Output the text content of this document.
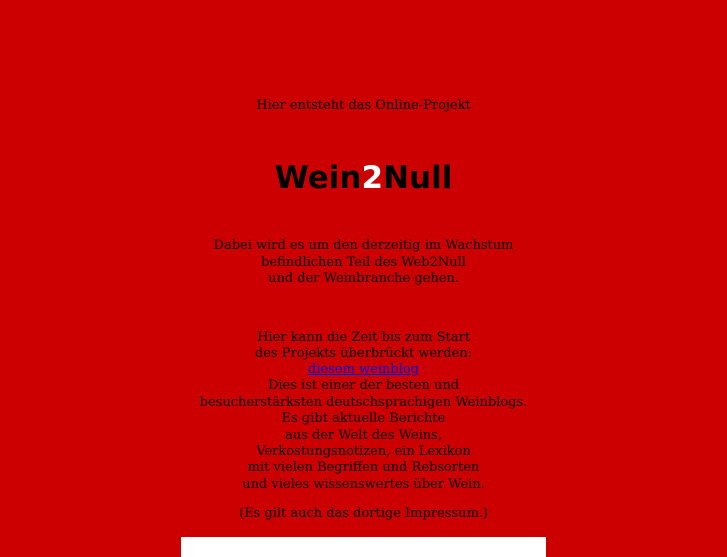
Hier entsteht das Online-Projekt
Wein2Null
Dabei wird es um den derzeitig im Wachstum
befindlichen Teil des Web2Null
und der Weinbranche gehen.
Hier kann die Zeit bis zum Start
des Projekts überbrückt werden:
diesem weinblog
Dies ist einer der besten und
besucherstärksten deutschsprachigen Weinblogs.
Es gibt aktuelle Berichte
aus der Welt des Weins,
Verkostungsnotizen, ein Lexikon
mit vielen Begriffen und Rebsorten
und vieles wissenswertes über Wein.
(Es gilt auch das dortige Impressum.)
